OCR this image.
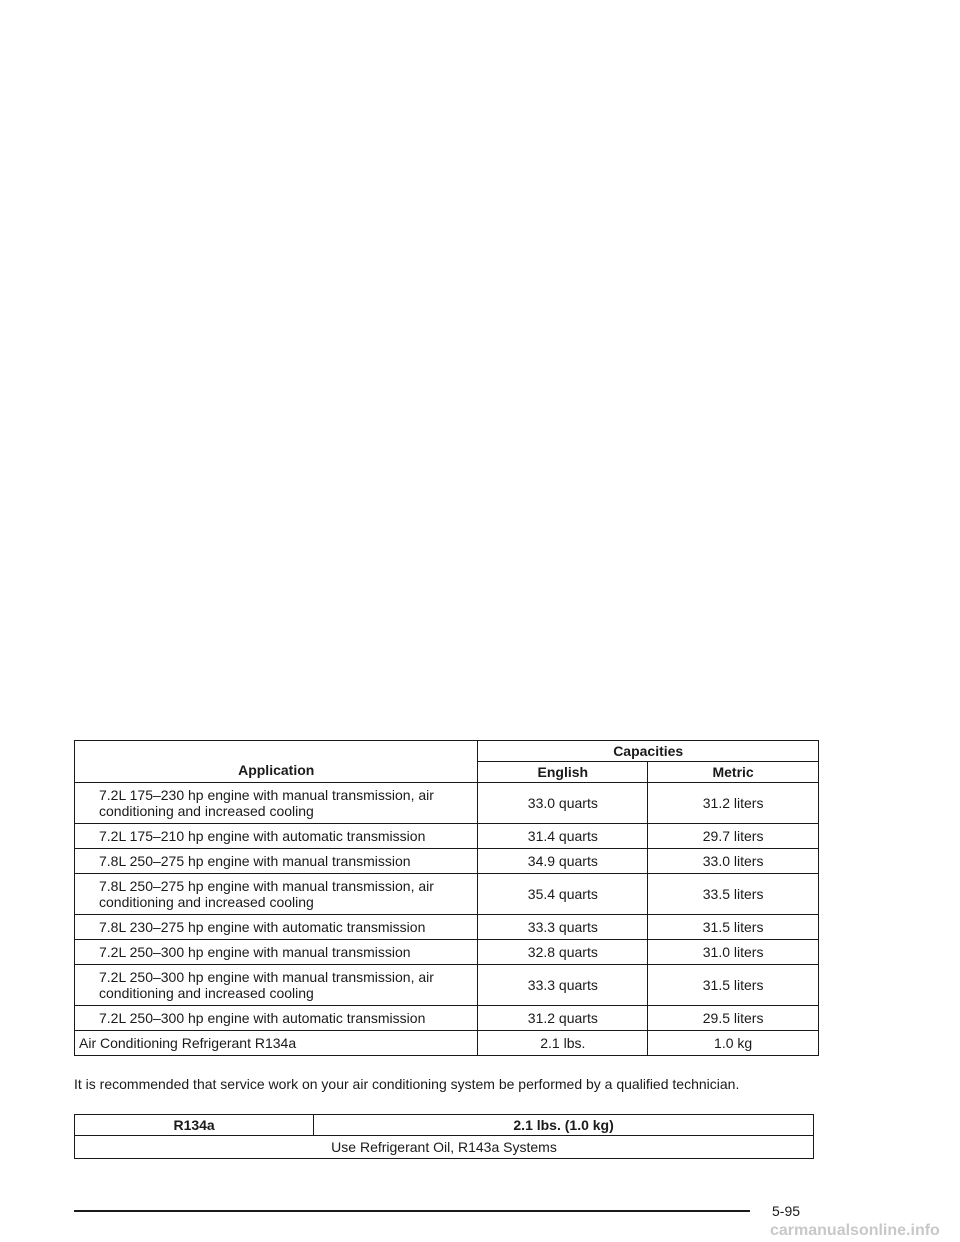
Application	Capacities	
	English	Metric
7.2L 175–230 hp engine with manual transmission, air conditioning and increased cooling	33.0 quarts	31.2 liters
7.2L 175–210 hp engine with automatic transmission	31.4 quarts	29.7 liters
7.8L 250–275 hp engine with manual transmission	34.9 quarts	33.0 liters
7.8L 250–275 hp engine with manual transmission, air conditioning and increased cooling	35.4 quarts	33.5 liters
7.8L 230–275 hp engine with automatic transmission	33.3 quarts	31.5 liters
7.2L 250–300 hp engine with manual transmission	32.8 quarts	31.0 liters
7.2L 250–300 hp engine with manual transmission, air conditioning and increased cooling	33.3 quarts	31.5 liters
7.2L 250–300 hp engine with automatic transmission	31.2 quarts	29.5 liters
Air Conditioning Refrigerant R134a	2.1 lbs.	1.0 kg

It is recommended that service work on your air conditioning system be performed by a qualified technician.

R134a	2.1 lbs. (1.0 kg)
Use Refrigerant Oil, R143a Systems
5-95
carmanualsonline.info
